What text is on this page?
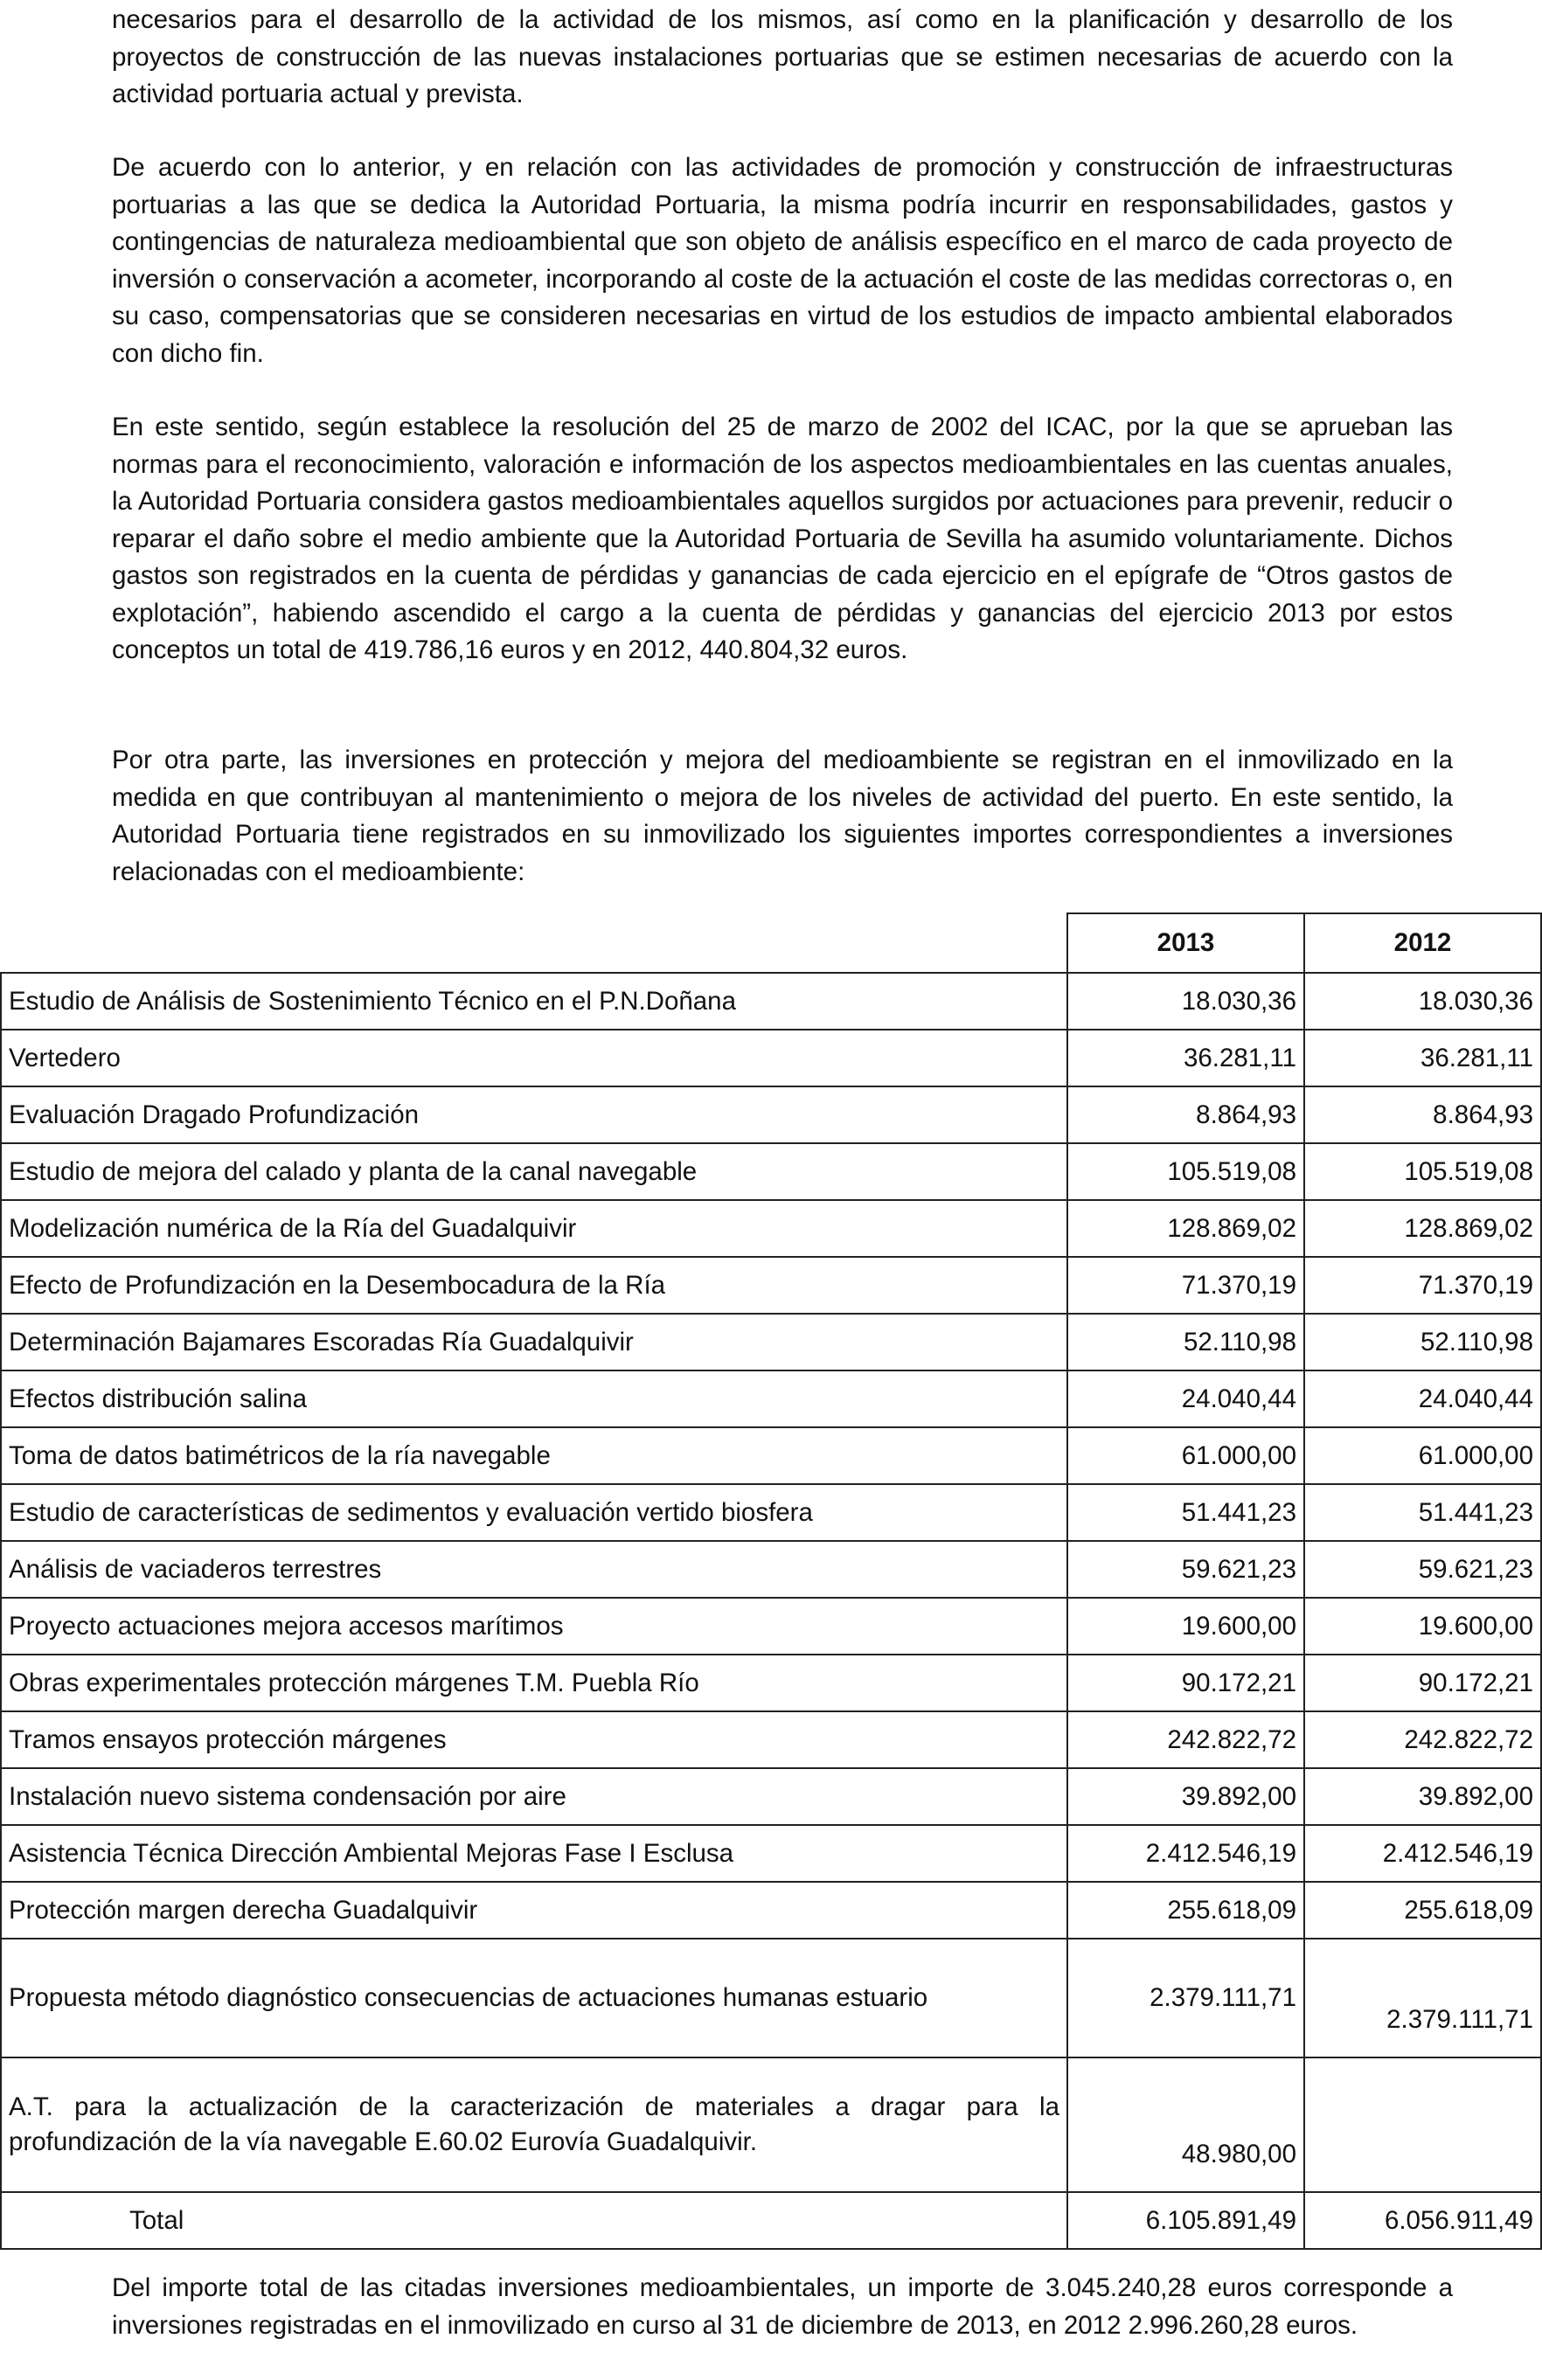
necesarios para el desarrollo de la actividad de los mismos, así como en la planificación y desarrollo de los proyectos de construcción de las nuevas instalaciones portuarias que se estimen necesarias de acuerdo con la actividad portuaria actual y prevista.

De acuerdo con lo anterior, y en relación con las actividades de promoción y construcción de infraestructuras portuarias a las que se dedica la Autoridad Portuaria, la misma podría incurrir en responsabilidades, gastos y contingencias de naturaleza medioambiental que son objeto de análisis específico en el marco de cada proyecto de inversión o conservación a acometer, incorporando al coste de la actuación el coste de las medidas correctoras o, en su caso, compensatorias que se consideren necesarias en virtud de los estudios de impacto ambiental elaborados con dicho fin.

En este sentido, según establece la resolución del 25 de marzo de 2002 del ICAC, por la que se aprueban las normas para el reconocimiento, valoración e información de los aspectos medioambientales en las cuentas anuales, la Autoridad Portuaria considera gastos medioambientales aquellos surgidos por actuaciones para prevenir, reducir o reparar el daño sobre el medio ambiente que la Autoridad Portuaria de Sevilla ha asumido voluntariamente. Dichos gastos son registrados en la cuenta de pérdidas y ganancias de cada ejercicio en el epígrafe de “Otros gastos de explotación”, habiendo ascendido el cargo a la cuenta de pérdidas y ganancias del ejercicio 2013 por estos conceptos un total de 419.786,16 euros y en 2012, 440.804,32 euros.

Por otra parte, las inversiones en protección y mejora del medioambiente se registran en el inmovilizado en la medida en que contribuyan al mantenimiento o mejora de los niveles de actividad del puerto. En este sentido, la Autoridad Portuaria tiene registrados en su inmovilizado los siguientes importes correspondientes a inversiones relacionadas con el medioambiente:

	2013	2012
Estudio de Análisis de Sostenimiento Técnico en el P.N.Doñana	18.030,36	18.030,36
Vertedero	36.281,11	36.281,11
Evaluación Dragado Profundización	8.864,93	8.864,93
Estudio de mejora del calado y planta de la canal navegable	105.519,08	105.519,08
Modelización numérica de la Ría del Guadalquivir	128.869,02	128.869,02
Efecto de Profundización en la Desembocadura de la Ría	71.370,19	71.370,19
Determinación Bajamares Escoradas Ría Guadalquivir	52.110,98	52.110,98
Efectos distribución salina	24.040,44	24.040,44
Toma de datos batimétricos de la ría navegable	61.000,00	61.000,00
Estudio de características de sedimentos y evaluación vertido biosfera	51.441,23	51.441,23
Análisis de vaciaderos terrestres	59.621,23	59.621,23
Proyecto actuaciones mejora accesos marítimos	19.600,00	19.600,00
Obras experimentales protección márgenes T.M. Puebla Río	90.172,21	90.172,21
Tramos ensayos protección márgenes	242.822,72	242.822,72
Instalación nuevo sistema condensación por aire	39.892,00	39.892,00
Asistencia Técnica Dirección Ambiental Mejoras Fase I Esclusa	2.412.546,19	2.412.546,19
Protección margen derecha Guadalquivir	255.618,09	255.618,09
Propuesta método diagnóstico consecuencias de actuaciones humanas estuario	2.379.111,71	2.379.111,71
A.T. para la actualización de la caracterización de materiales a dragar para la profundización de la vía navegable E.60.02 Eurovía Guadalquivir.	48.980,00	
Total	6.105.891,49	6.056.911,49

Del importe total de las citadas inversiones medioambientales, un importe de 3.045.240,28 euros corresponde a inversiones registradas en el inmovilizado en curso al 31 de diciembre de 2013, en 2012 2.996.260,28 euros.
